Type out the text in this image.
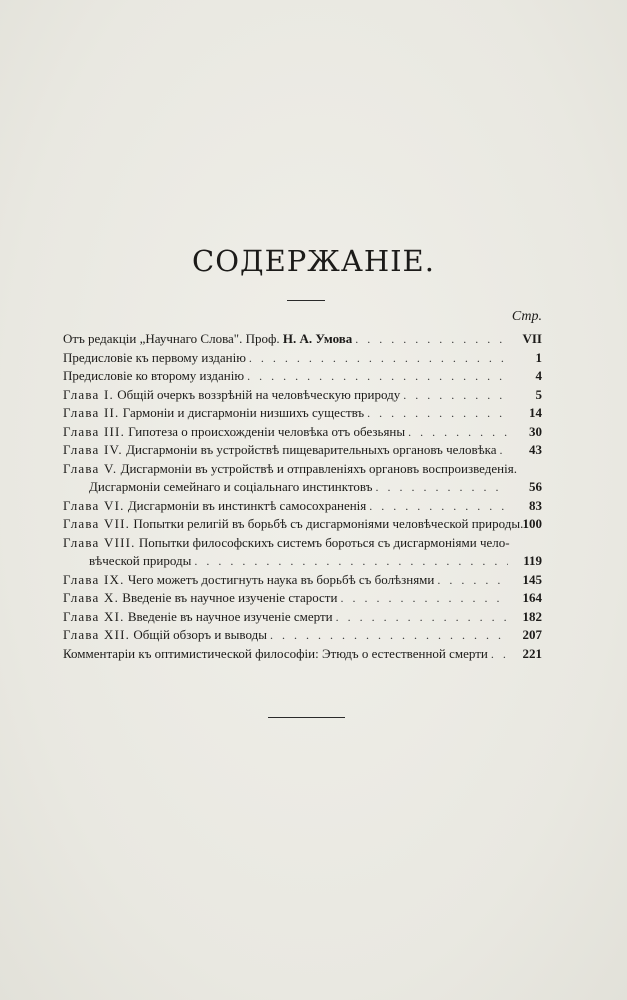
СОДЕРЖАНІЕ.
Стр.
Отъ редакціи „Научнаго Слова". Проф. Н. А. Умова . . .	VII
Предисловіе къ первому изданію . . .	1
Предисловіе ко второму изданію . . .	4
Глава I. Общій очеркъ воззрѣній на человѣческую природу . . .	5
Глава II. Гармоніи и дисгармоніи низшихъ существъ . . .	14
Глава III. Гипотеза о происхожденіи человѣка отъ обезьяны . . .	30
Глава IV. Дисгармоніи въ устройствѣ пищеварительныхъ органовъ человѣка . . . 43
Глава V. Дисгармоніи въ устройствѣ и отправленіяхъ органовъ воспроизведенія.
Дисгармоніи семейнаго и соціальнаго инстинктовъ . . .	56
Глава VI. Дисгармоніи въ инстинктѣ самосохраненія . . .	83
Глава VII. Попытки религій въ борьбѣ съ дисгармоніями человѣческой природы. 100
Глава VIII. Попытки философскихъ системъ бороться съ дисгармоніями чело-
вѣческой природы . . .	119
Глава IX. Чего можетъ достигнуть наука въ борьбѣ съ болѣзнями . . .	145
Глава X. Введеніе въ научное изученіе старости . . .	164
Глава XI. Введеніе въ научное изученіе смерти . . .	182
Глава XII. Общій обзоръ и выводы . . .	207
Комментаріи къ оптимистической философіи: Этюдъ о естественной смерти . . .	221
